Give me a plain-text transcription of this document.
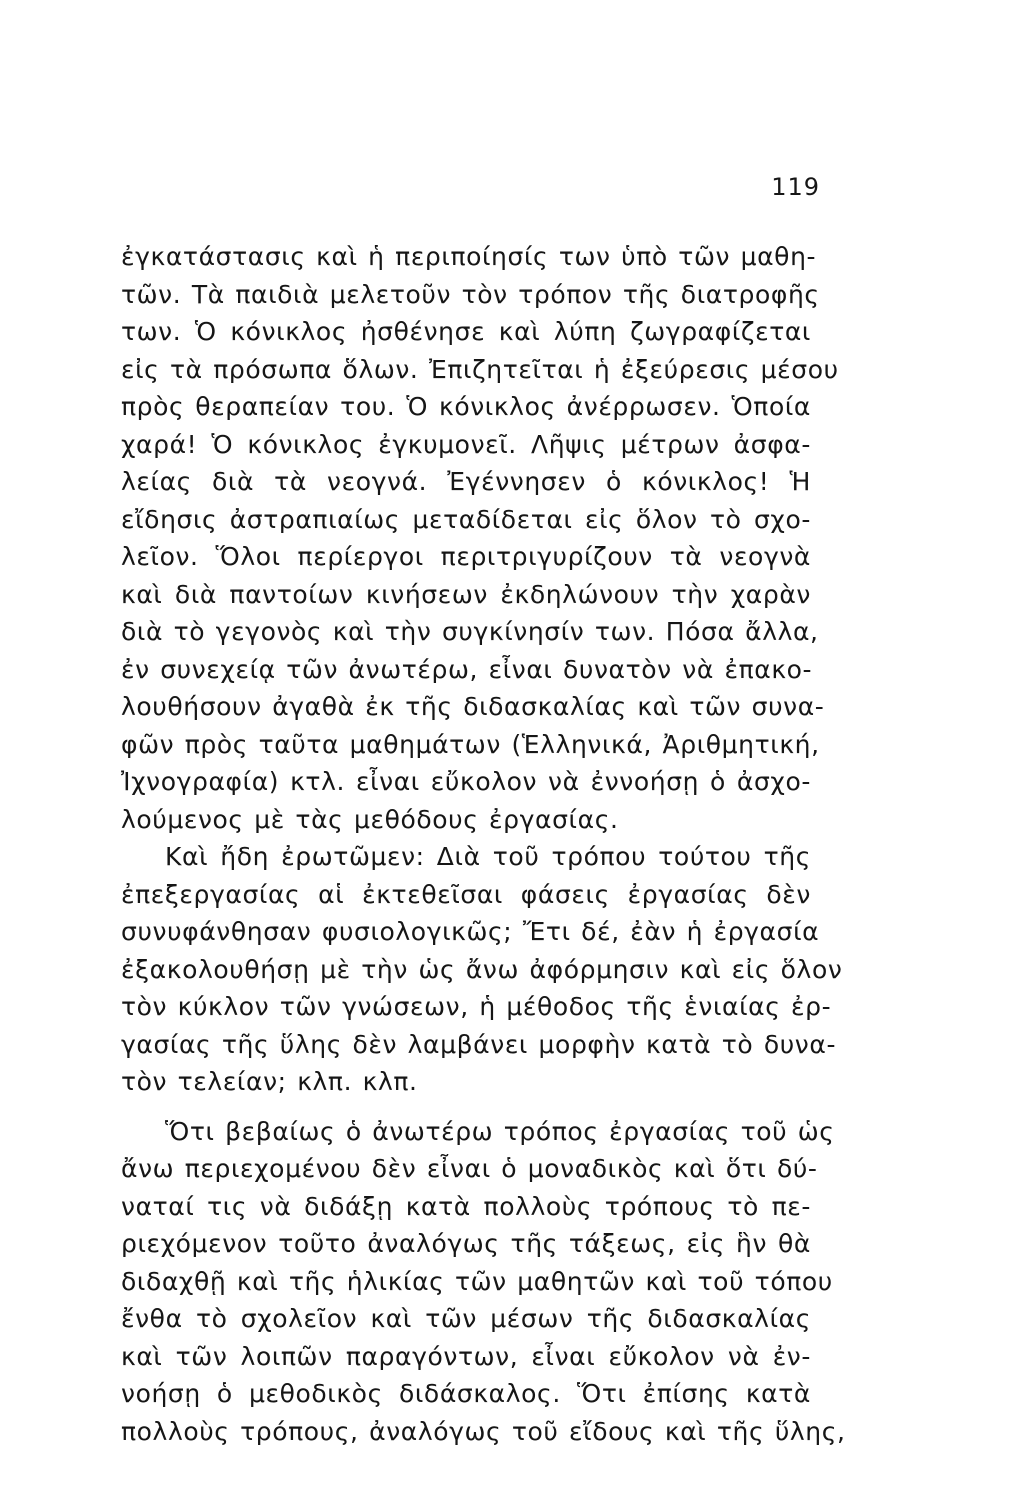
119
ἐγκατάστασις καὶ ἡ περιποίησίς των ὑπὸ τῶν μαθη-
τῶν. Τὰ παιδιὰ μελετοῦν τὸν τρόπον τῆς διατροφῆς
των. Ὁ κόνικλος ἠσθένησε καὶ λύπη ζωγραφίζεται
εἰς τὰ πρόσωπα ὅλων. Ἐπιζητεῖται ἡ ἐξεύρεσις μέσου
πρὸς θεραπείαν του. Ὁ κόνικλος ἀνέρρωσεν. Ὁποία
χαρά! Ὁ κόνικλος ἐγκυμονεῖ. Λῆψις μέτρων ἀσφα-
λείας διὰ τὰ νεογνά. Ἐγέννησεν ὁ κόνικλος! Ἡ
εἴδησις ἀστραπιαίως μεταδίδεται εἰς ὅλον τὸ σχο-
λεῖον. Ὅλοι περίεργοι περιτριγυρίζουν τὰ νεογνὰ
καὶ διὰ παντοίων κινήσεων ἐκδηλώνουν τὴν χαρὰν
διὰ τὸ γεγονὸς καὶ τὴν συγκίνησίν των. Πόσα ἄλλα,
ἐν συνεχείᾳ τῶν ἀνωτέρω, εἶναι δυνατὸν νὰ ἐπακο-
λουθήσουν ἀγαθὰ ἐκ τῆς διδασκαλίας καὶ τῶν συνα-
φῶν πρὸς ταῦτα μαθημάτων (Ἑλληνικά, Ἀριθμητική,
Ἰχνογραφία) κτλ. εἶναι εὔκολον νὰ ἐννοήσῃ ὁ ἀσχο-
λούμενος μὲ τὰς μεθόδους ἐργασίας.
Καὶ ἤδη ἐρωτῶμεν: Διὰ τοῦ τρόπου τούτου τῆς
ἐπεξεργασίας αἱ ἐκτεθεῖσαι φάσεις ἐργασίας δὲν
συνυφάνθησαν φυσιολογικῶς; Ἔτι δέ, ἐὰν ἡ ἐργασία
ἐξακολουθήσῃ μὲ τὴν ὡς ἄνω ἀφόρμησιν καὶ εἰς ὅλον
τὸν κύκλον τῶν γνώσεων, ἡ μέθοδος τῆς ἑνιαίας ἐρ-
γασίας τῆς ὕλης δὲν λαμβάνει μορφὴν κατὰ τὸ δυνα-
τὸν τελείαν; κλπ. κλπ.
Ὅτι βεβαίως ὁ ἀνωτέρω τρόπος ἐργασίας τοῦ ὡς
ἄνω περιεχομένου δὲν εἶναι ὁ μοναδικὸς καὶ ὅτι δύ-
ναταί τις νὰ διδάξῃ κατὰ πολλοὺς τρόπους τὸ πε-
ριεχόμενον τοῦτο ἀναλόγως τῆς τάξεως, εἰς ἣν θὰ
διδαχθῇ καὶ τῆς ἡλικίας τῶν μαθητῶν καὶ τοῦ τόπου
ἔνθα τὸ σχολεῖον καὶ τῶν μέσων τῆς διδασκαλίας
καὶ τῶν λοιπῶν παραγόντων, εἶναι εὔκολον νὰ ἐν-
νοήσῃ ὁ μεθοδικὸς διδάσκαλος. Ὅτι ἐπίσης κατὰ
πολλοὺς τρόπους, ἀναλόγως τοῦ εἴδους καὶ τῆς ὕλης,
